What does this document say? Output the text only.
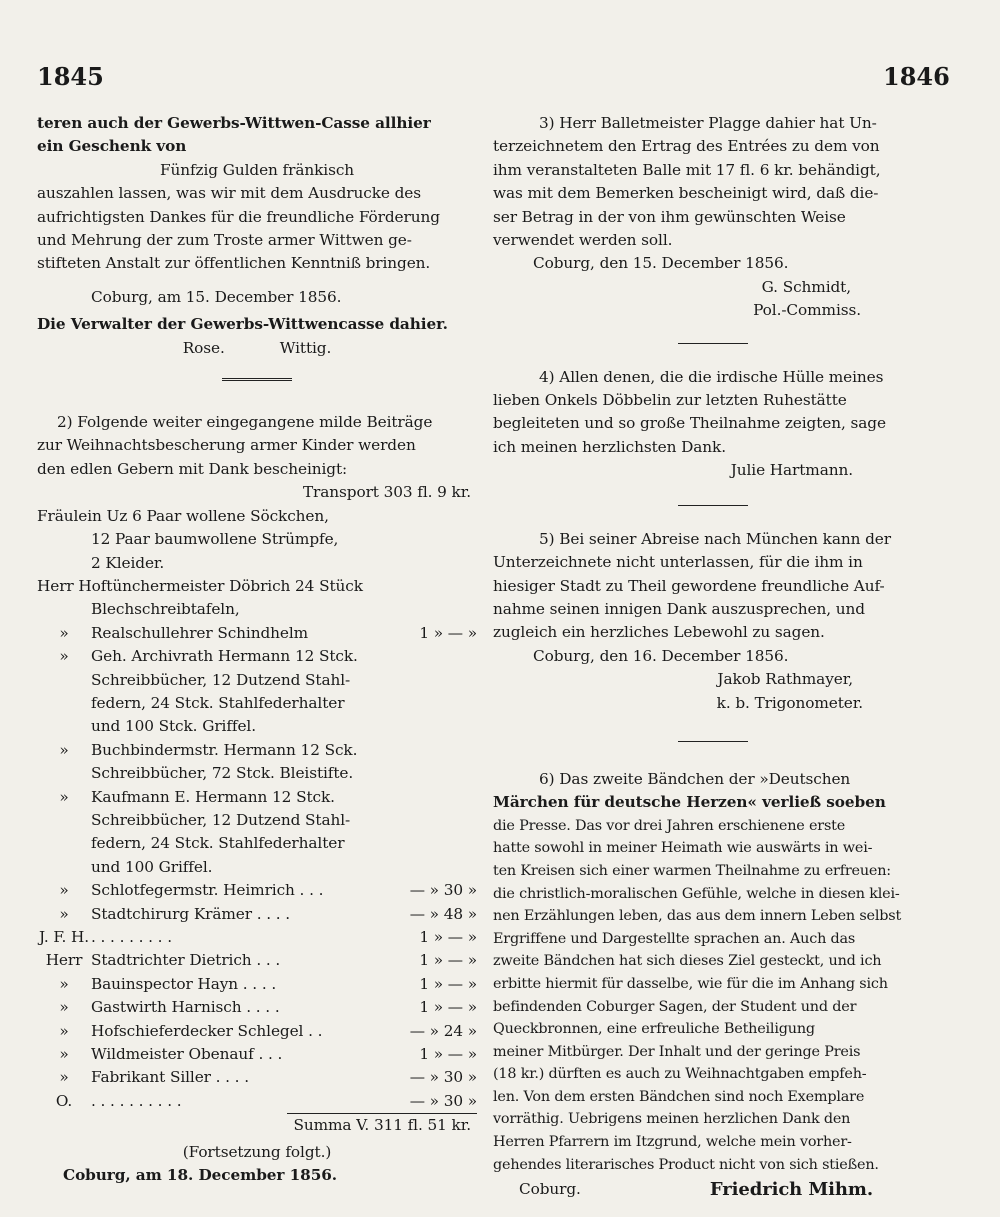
1845	1846

teren auch der Gewerbs-Wittwen-Casse allhier

ein Geschenk von

Fünfzig Gulden fränkisch

auszahlen lassen, was wir mit dem Ausdrucke des

aufrichtigsten Dankes für die freundliche Förderung

und Mehrung der zum Troste armer Wittwen ge-

stifteten Anstalt zur öffentlichen Kenntniß bringen.

Coburg, am 15. December 1856.

Die Verwalter der Gewerbs-Wittwencasse dahier.

Rose.	Wittig.

2) Folgende weiter eingegangene milde Beiträge

zur Weihnachtsbescherung armer Kinder werden

den edlen Gebern mit Dank bescheinigt:

Transport 303 fl. 9 kr.

Fräulein Uz 6 Paar wollene Söckchen,

12 Paar baumwollene Strümpfe,

2 Kleider.

Herr Hoftünchermeister Döbrich 24 Stück

Blechschreibtafeln,

»	Realschullehrer Schindhelm	1 » — »
»	Geh. Archivrath Hermann 12 Stck.
Schreibbücher, 12 Dutzend Stahl-
federn, 24 Stck. Stahlfederhalter
und 100 Stck. Griffel.
»	Buchbindermstr. Hermann 12 Sck.
Schreibbücher, 72 Stck. Bleistifte.
»	Kaufmann E. Hermann 12 Stck.
Schreibbücher, 12 Dutzend Stahl-
federn, 24 Stck. Stahlfederhalter
und 100 Griffel.
»	Schlotfegermstr. Heimrich . . .	— » 30 »
»	Stadtchirurg Krämer . . . .	— » 48 »
J. F. H. . . . . . . . . .	1 » — »
Herr Stadtrichter Dietrich . . .	1 » — »
»	Bauinspector Hayn . . . .	1 » — »
»	Gastwirth Harnisch . . . .	1 » — »
»	Hofschieferdecker Schlegel . .	— » 24 »
»	Wildmeister Obenauf . . .	1 » — »
»	Fabrikant Siller . . . .	— » 30 »
O.	. . . . . . . . . .	— » 30 »

Summa V. 311 fl. 51 kr.

(Fortsetzung folgt.)

Coburg, am 18. December 1856.

3) Herr Balletmeister Plagge dahier hat Un-

terzeichnetem den Ertrag des Entrées zu dem von

ihm veranstalteten Balle mit 17 fl. 6 kr. behändigt,

was mit dem Bemerken bescheinigt wird, daß die-

ser Betrag in der von ihm gewünschten Weise

verwendet werden soll.

Coburg, den 15. December 1856.

G. Schmidt,

Pol.-Commiss.

4) Allen denen, die die irdische Hülle meines

lieben Onkels Döbbelin zur letzten Ruhestätte

begleiteten und so große Theilnahme zeigten, sage

ich meinen herzlichsten Dank.

Julie Hartmann.

5) Bei seiner Abreise nach München kann der

Unterzeichnete nicht unterlassen, für die ihm in

hiesiger Stadt zu Theil gewordene freundliche Auf-

nahme seinen innigen Dank auszusprechen, und

zugleich ein herzliches Lebewohl zu sagen.

Coburg, den 16. December 1856.

Jakob Rathmayer,

k. b. Trigonometer.

6) Das zweite Bändchen der »Deutschen

Märchen für deutsche Herzen« verließ soeben

die Presse. Das vor drei Jahren erschienene erste

hatte sowohl in meiner Heimath wie auswärts in wei-

ten Kreisen sich einer warmen Theilnahme zu erfreuen:

die christlich-moralischen Gefühle, welche in diesen klei-

nen Erzählungen leben, das aus dem innern Leben selbst

Ergriffene und Dargestellte sprachen an. Auch das

zweite Bändchen hat sich dieses Ziel gesteckt, und ich

erbitte hiermit für dasselbe, wie für die im Anhang sich

befindenden Coburger Sagen, der Student und der

Queckbronnen, eine erfreuliche Betheiligung

meiner Mitbürger. Der Inhalt und der geringe Preis

(18 kr.) dürften es auch zu Weihnachtgaben empfeh-

len. Von dem ersten Bändchen sind noch Exemplare

vorräthig. Uebrigens meinen herzlichen Dank den

Herren Pfarrern im Itzgrund, welche mein vorher-

gehendes literarisches Product nicht von sich stießen.

Coburg.	Friedrich Mihm.
